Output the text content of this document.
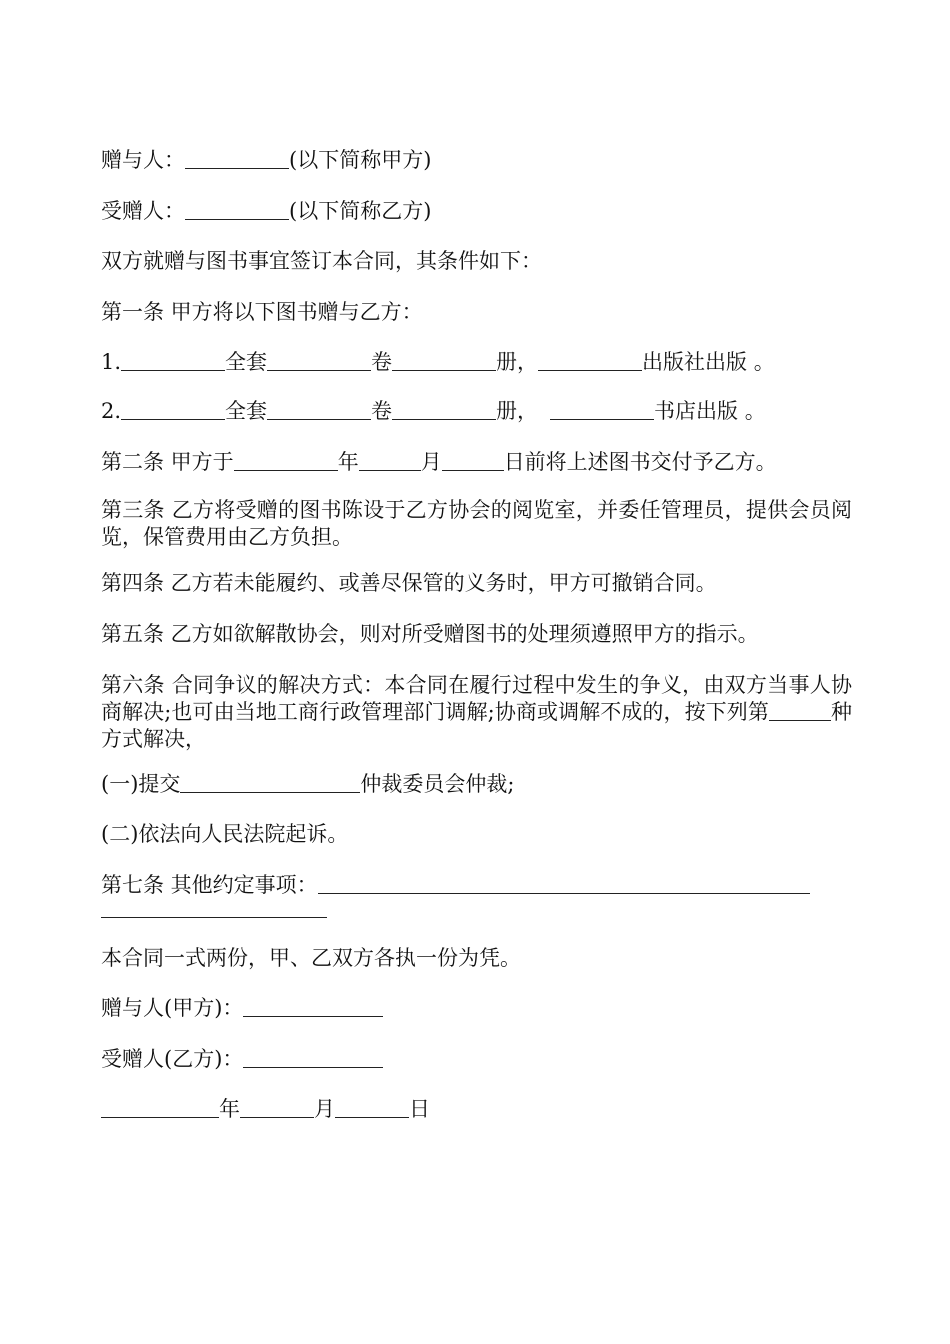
赠与人：	(以下简称甲方)
受赠人：	(以下简称乙方)
双方就赠与图书事宜签订本合同，其条件如下：
第一条 甲方将以下图书赠与乙方：
1.	全套	卷	册，	出版社出版 。
2.	全套	卷	册，	书店出版 。
第二条 甲方于	年	月	日前将上述图书交付予乙方。
第三条 乙方将受赠的图书陈设于乙方协会的阅览室，并委任管理员，提供会员阅览，保管费用由乙方负担。
第四条 乙方若未能履约、或善尽保管的义务时，甲方可撤销合同。
第五条 乙方如欲解散协会，则对所受赠图书的处理须遵照甲方的指示。
第六条 合同争议的解决方式：本合同在履行过程中发生的争义，由双方当事人协商解决;也可由当地工商行政管理部门调解;协商或调解不成的，按下列第	种方式解决，
(一)提交	仲裁委员会仲裁;
(二)依法向人民法院起诉。
第七条 其他约定事项：
本合同一式两份，甲、乙双方各执一份为凭。
赠与人(甲方)：
受赠人(乙方)：
年	月	日
